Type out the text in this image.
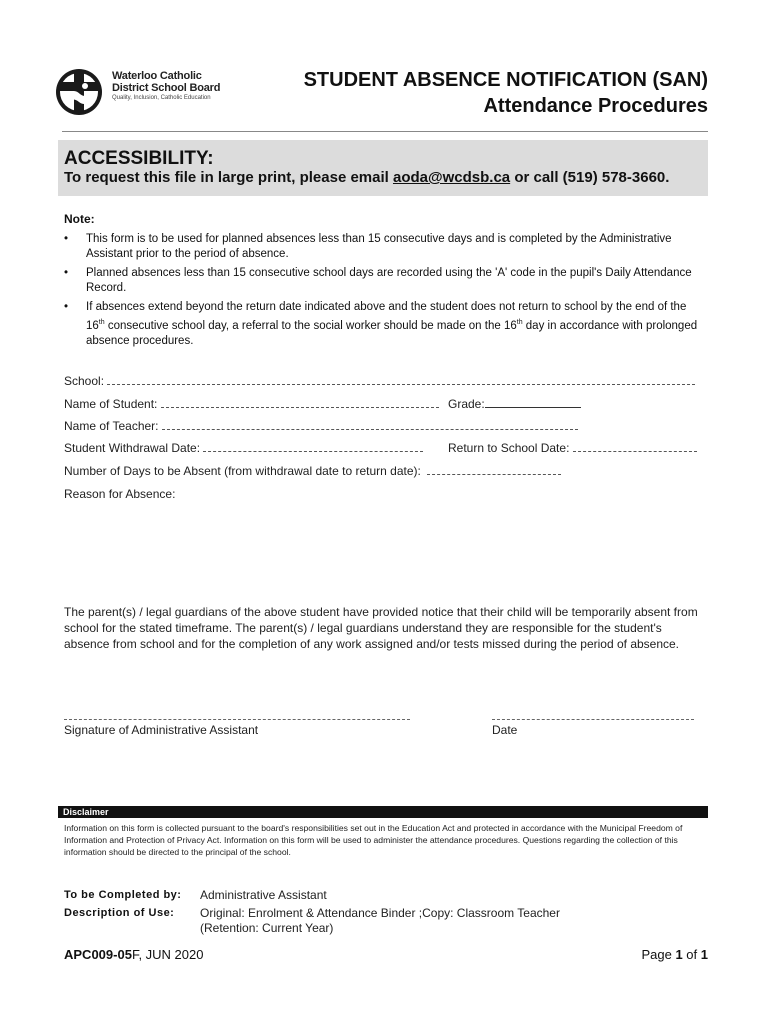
Waterloo Catholic
District School Board
Quality, Inclusion, Catholic Education
STUDENT ABSENCE NOTIFICATION (SAN)
Attendance Procedures
ACCESSIBILITY:
To request this file in large print, please email aoda@wcdsb.ca or call (519) 578-3660.
Note:
• This form is to be used for planned absences less than 15 consecutive days and is completed by the Administrative Assistant prior to the period of absence.
• Planned absences less than 15 consecutive school days are recorded using the 'A' code in the pupil's Daily Attendance Record.
• If absences extend beyond the return date indicated above and the student does not return to school by the end of the 16th consecutive school day, a referral to the social worker should be made on the 16th day in accordance with prolonged absence procedures.
School:
Name of Student:	Grade:
Name of Teacher:
Student Withdrawal Date:	Return to School Date:
Number of Days to be Absent (from withdrawal date to return date):
Reason for Absence:
The parent(s) / legal guardians of the above student have provided notice that their child will be temporarily absent from school for the stated timeframe. The parent(s) / legal guardians understand they are responsible for the student's absence from school and for the completion of any work assigned and/or tests missed during the period of absence.
Signature of Administrative Assistant	Date
Disclaimer
Information on this form is collected pursuant to the board's responsibilities set out in the Education Act and protected in accordance with the Municipal Freedom of Information and Protection of Privacy Act. Information on this form will be used to administer the attendance procedures. Questions regarding the collection of this information should be directed to the principal of the school.
To be Completed by: Administrative Assistant
Description of Use: Original: Enrolment & Attendance Binder ;Copy: Classroom Teacher
(Retention: Current Year)
APC009-05F, JUN 2020	Page 1 of 1
